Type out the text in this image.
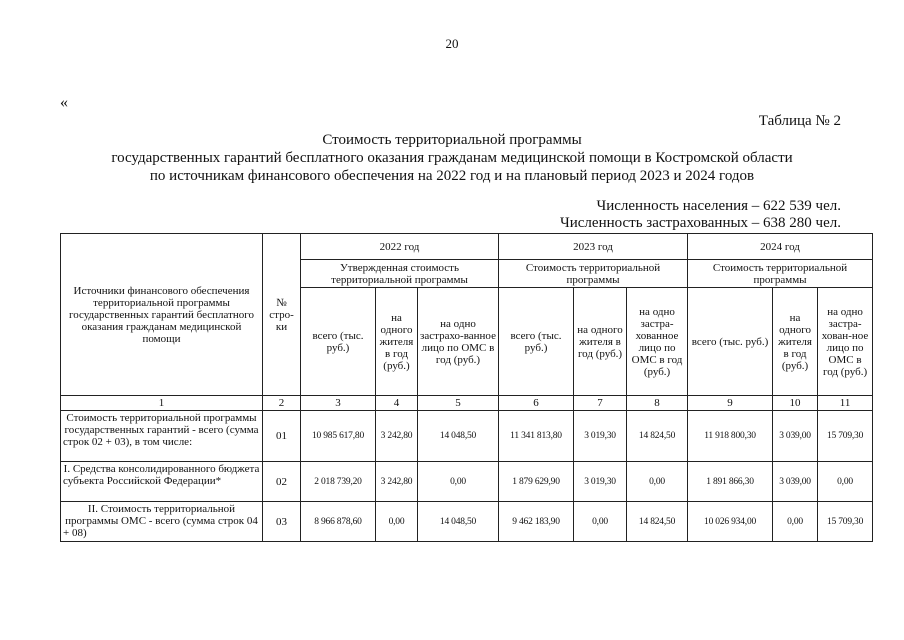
20
«
Таблица № 2
Стоимость территориальной программы
государственных гарантий бесплатного оказания гражданам медицинской помощи в Костромской области
по источникам финансового обеспечения на 2022 год и на плановый период 2023 и 2024 годов
Численность населения – 622 539 чел.
Численность застрахованных – 638 280 чел.
Источники финансового обеспечения территориальной программы государственных гарантий бесплатного оказания гражданам медицинской помощи	№ стро-ки	2022 год			2023 год			2024 год		
		Утвержденная стоимость территориальной программы			Стоимость территориальной программы			Стоимость территориальной программы		
		всего (тыс. руб.)	на одного жителя в год (руб.)	на одно застрахо-ванное лицо по ОМС в год (руб.)	всего (тыс. руб.)	на одного жителя в год (руб.)	на одно застра-хованное лицо по ОМС в год (руб.)	всего (тыс. руб.)	на одного жителя в год (руб.)	на одно застра-хован-ное лицо по ОМС в год (руб.)
1	2	3	4	5	6	7	8	9	10	11
Стоимость территориальной программы государственных гарантий - всего (сумма строк 02 + 03), в том числе:	01	10 985 617,80	3 242,80	14 048,50	11 341 813,80	3 019,30	14 824,50	11 918 800,30	3 039,00	15 709,30
I. Средства консолидированного бюджета субъекта Российской Федерации*	02	2 018 739,20	3 242,80	0,00	1 879 629,90	3 019,30	0,00	1 891 866,30	3 039,00	0,00
II. Стоимость территориальной программы ОМС - всего (сумма строк 04 + 08)	03	8 966 878,60	0,00	14 048,50	9 462 183,90	0,00	14 824,50	10 026 934,00	0,00	15 709,30
